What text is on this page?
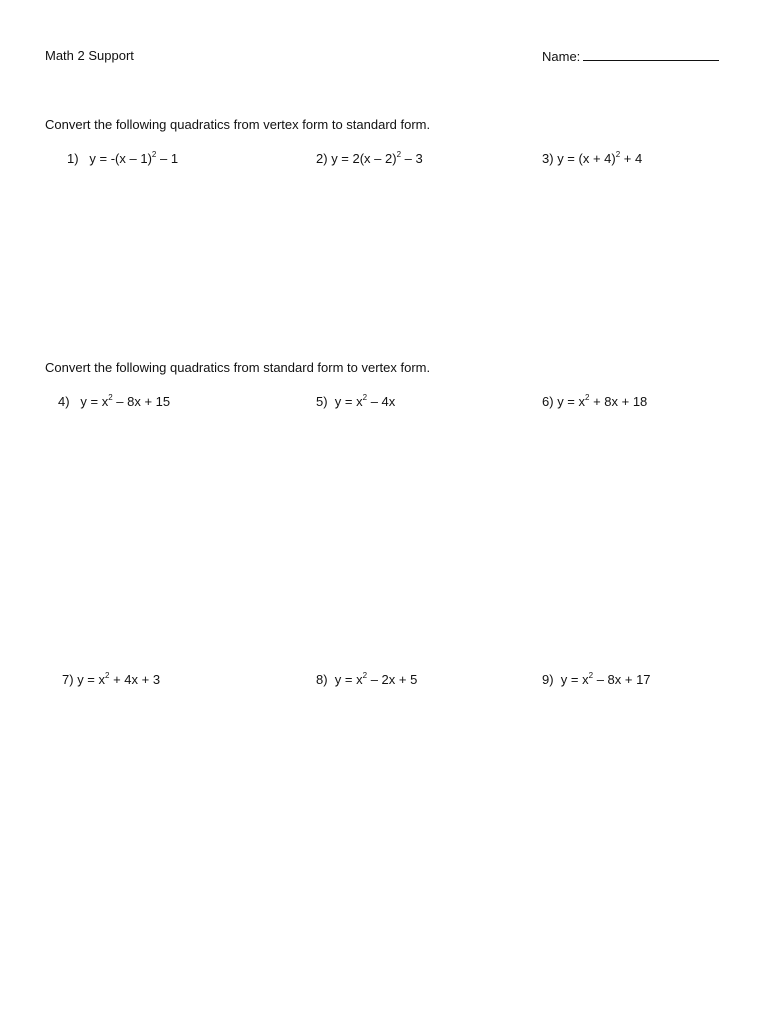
Math 2 Support	Name:
Convert the following quadratics from vertex form to standard form.
1) y = -(x – 1)$^2$ – 1	2) y = 2(x – 2)$^2$ – 3	3) $y = (x + 4)^2 + 4$
Convert the following quadratics from standard form to vertex form.
4) $y = x^2 - 8x + 15$	5) $y = x^2 - 4x$	6) $y = x^2 + 8x + 18$
7) $y = x^2 + 4x + 3$	8) $y = x^2 - 2x + 5$	9) $y = x^2 - 8x + 17$
